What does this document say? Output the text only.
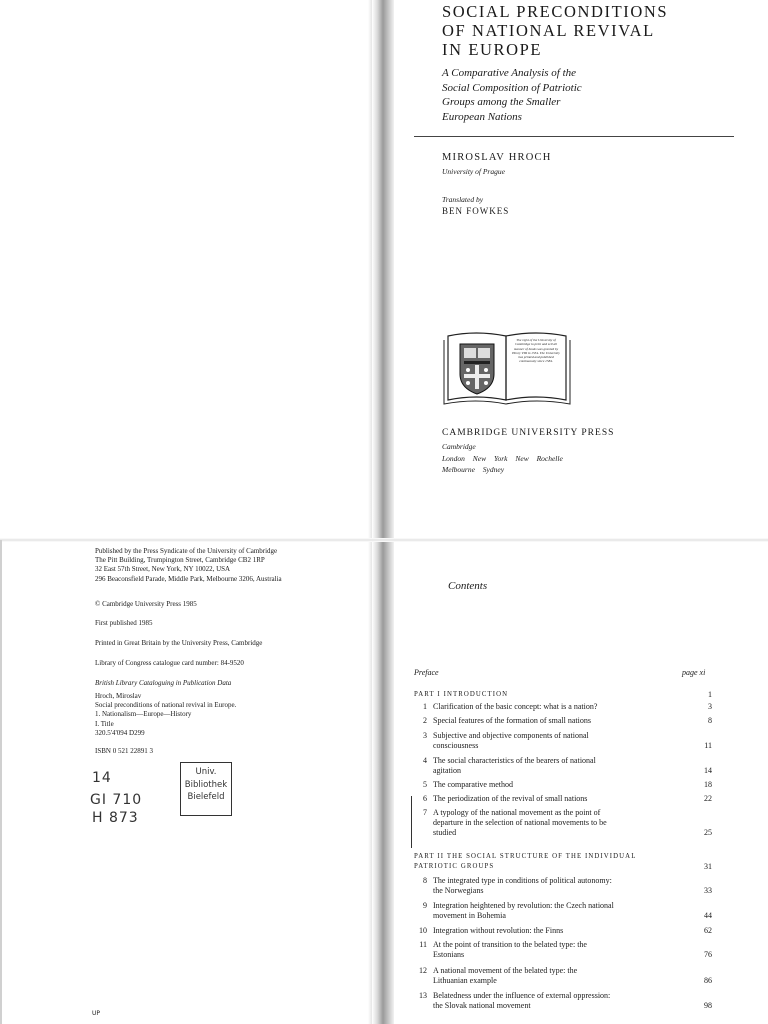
SOCIAL PRECONDITIONS
OF NATIONAL REVIVAL
IN EUROPE
A Comparative Analysis of the
Social Composition of Patriotic
Groups among the Smaller
European Nations
MIROSLAV HROCH
University of Prague
Translated by
BEN FOWKES
The right of the University of Cambridge to print and sell all manner of books was granted by Henry VIII in 1534. The University has printed and published continuously since 1584.
CAMBRIDGE UNIVERSITY PRESS
Cambridge
London New York New Rochelle
Melbourne Sydney
Published by the Press Syndicate of the University of Cambridge
The Pitt Building, Trumpington Street, Cambridge CB2 1RP
32 East 57th Street, New York, NY 10022, USA
296 Beaconsfield Parade, Middle Park, Melbourne 3206, Australia
© Cambridge University Press 1985
First published 1985
Printed in Great Britain by the University Press, Cambridge
Library of Congress catalogue card number: 84-9520
British Library Cataloguing in Publication Data
Hroch, Miroslav
Social preconditions of national revival in Europe.
1. Nationalism—Europe—History
I. Title
320.5'4'094 D299
ISBN 0 521 22891 3
14
GI 710
H 873
Univ.
Bibliothek
Bielefeld
UP
Contents
Preface	page xi
PART I INTRODUCTION	1
1 Clarification of the basic concept: what is a nation?	3
2 Special features of the formation of small nations	8
3 Subjective and objective components of national
consciousness	11
4 The social characteristics of the bearers of national
agitation	14
5 The comparative method	18
6 The periodization of the revival of small nations	22
7 A typology of the national movement as the point of
departure in the selection of national movements to be
studied	25
PART II THE SOCIAL STRUCTURE OF THE INDIVIDUAL
PATRIOTIC GROUPS	31
8 The integrated type in conditions of political autonomy:
the Norwegians	33
9 Integration heightened by revolution: the Czech national
movement in Bohemia	44
10 Integration without revolution: the Finns	62
11 At the point of transition to the belated type: the
Estonians	76
12 A national movement of the belated type: the
Lithuanian example	86
13 Belatedness under the influence of external oppression:
the Slovak national movement	98
